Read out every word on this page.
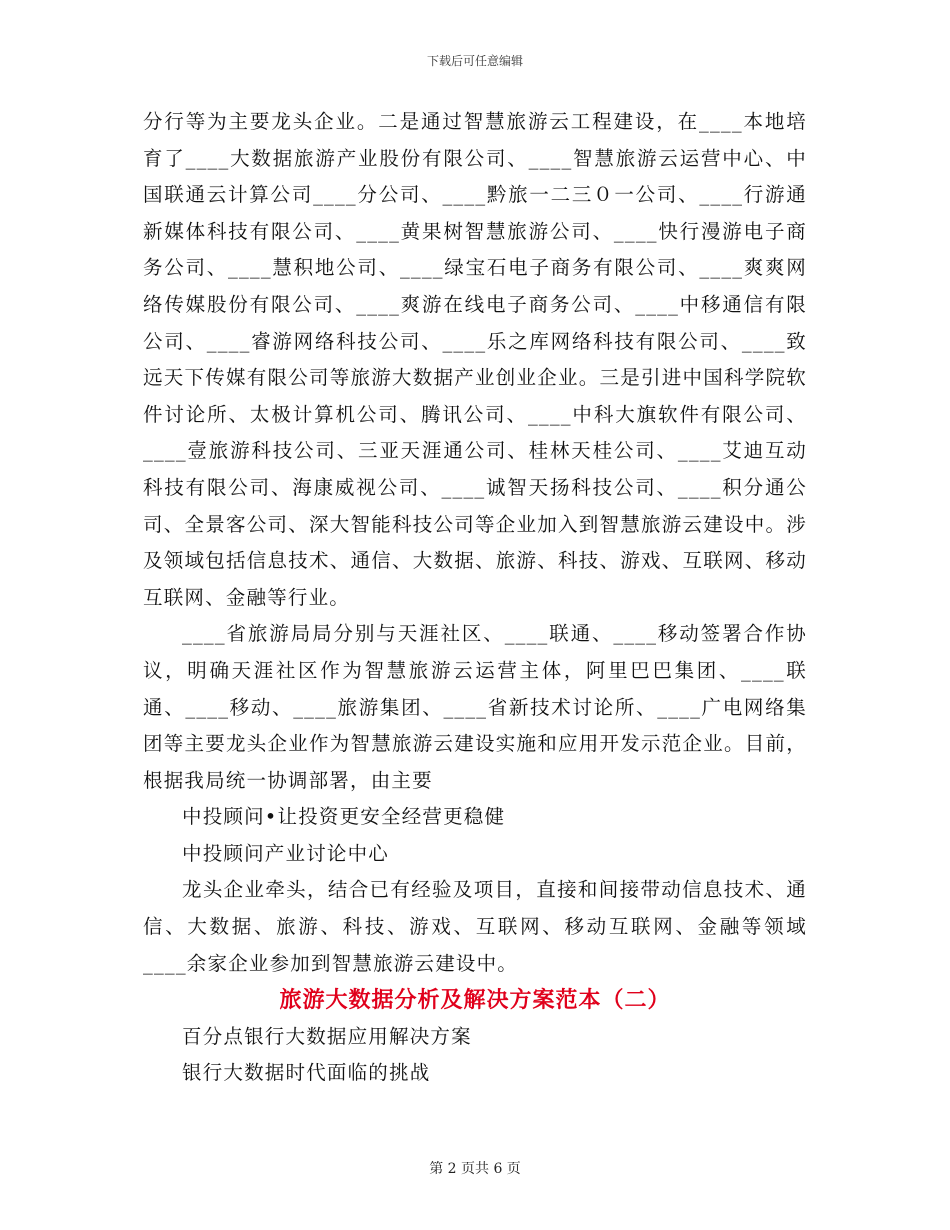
下载后可任意编辑

分行等为主要龙头企业。二是通过智慧旅游云工程建设，在____本地培育了____大数据旅游产业股份有限公司、____智慧旅游云运营中心、中国联通云计算公司____分公司、____黔旅一二三０一公司、____行游通新媒体科技有限公司、____黄果树智慧旅游公司、____快行漫游电子商务公司、____慧积地公司、____绿宝石电子商务有限公司、____爽爽网络传媒股份有限公司、____爽游在线电子商务公司、____中移通信有限公司、____睿游网络科技公司、____乐之库网络科技有限公司、____致远天下传媒有限公司等旅游大数据产业创业企业。三是引进中国科学院软件讨论所、太极计算机公司、腾讯公司、____中科大旗软件有限公司、____壹旅游科技公司、三亚天涯通公司、桂林天桂公司、____艾迪互动科技有限公司、海康威视公司、____诚智天扬科技公司、____积分通公司、全景客公司、深大智能科技公司等企业加入到智慧旅游云建设中。涉及领域包括信息技术、通信、大数据、旅游、科技、游戏、互联网、移动互联网、金融等行业。

____省旅游局局分别与天涯社区、____联通、____移动签署合作协议，明确天涯社区作为智慧旅游云运营主体，阿里巴巴集团、____联通、____移动、____旅游集团、____省新技术讨论所、____广电网络集团等主要龙头企业作为智慧旅游云建设实施和应用开发示范企业。目前，根据我局统一协调部署，由主要

中投顾问•让投资更安全经营更稳健

中投顾问产业讨论中心

龙头企业牵头，结合已有经验及项目，直接和间接带动信息技术、通信、大数据、旅游、科技、游戏、互联网、移动互联网、金融等领域____余家企业参加到智慧旅游云建设中。

旅游大数据分析及解决方案范本（二）

百分点银行大数据应用解决方案

银行大数据时代面临的挑战

第 2 页共 6 页
